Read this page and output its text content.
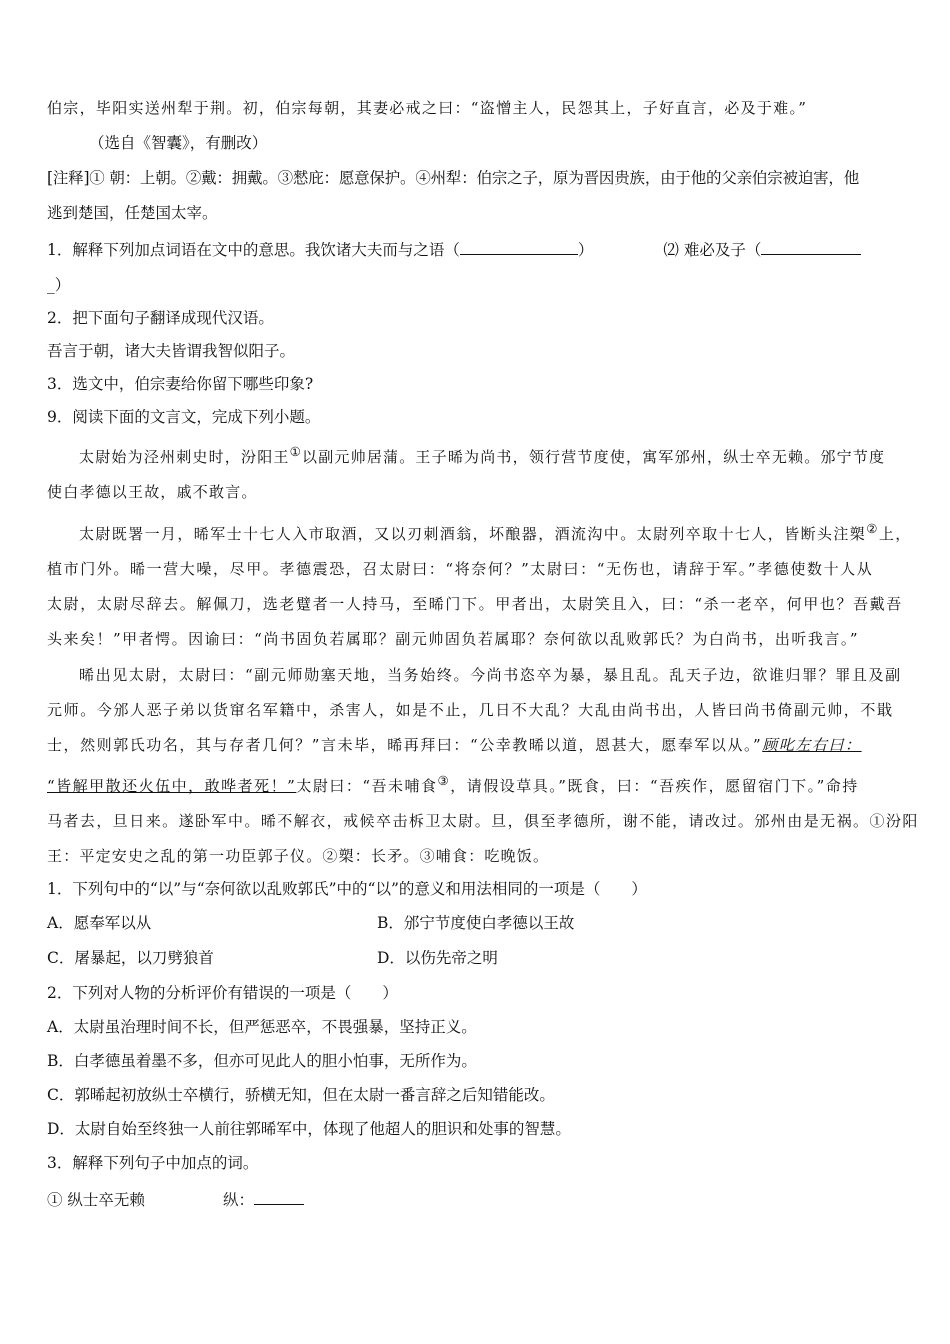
伯宗，毕阳实送州犁于荆。初，伯宗每朝，其妻必戒之曰：“盗憎主人，民怨其上，子好直言，必及于难。”

（选自《智囊》，有删改）

[注释]① 朝：上朝。②戴：拥戴。③憖庇：愿意保护。④州犁：伯宗之子，原为晋因贵族，由于他的父亲伯宗被迫害，他

逃到楚国，任楚国太宰。

1．解释下列加点词语在文中的意思。我饮诸大夫而与之语（	）	⑵ 难必及子（

_）

2．把下面句子翻译成现代汉语。

吾言于朝，诸大夫皆谓我智似阳子。

3．选文中，伯宗妻给你留下哪些印象?

9．阅读下面的文言文，完成下列小题。

太尉始为泾州刺史时，汾阳王①以副元帅居蒲。王子晞为尚书，领行营节度使，寓军邠州，纵士卒无赖。邠宁节度

使白孝德以王故，戚不敢言。

太尉既署一月，晞军士十七人入市取酒，又以刃刺酒翁，坏酿器，酒流沟中。太尉列卒取十七人，皆断头注槊②上，

植市门外。晞一营大噪，尽甲。孝德震恐，召太尉曰：“将奈何？”太尉曰：“无伤也，请辞于军。”孝德使数十人从

太尉，太尉尽辞去。解佩刀，选老躄者一人持马，至晞门下。甲者出，太尉笑且入，曰：“杀一老卒，何甲也？吾戴吾

头来矣！”甲者愕。因谕曰：“尚书固负若属耶？副元帅固负若属耶？奈何欲以乱败郭氏？为白尚书，出听我言。”

晞出见太尉，太尉曰：“副元师勋塞天地，当务始终。今尚书恣卒为暴，暴且乱。乱天子边，欲谁归罪？罪且及副

元师。今邠人恶子弟以货窜名军籍中，杀害人，如是不止，几日不大乱？大乱由尚书出，人皆曰尚书倚副元帅，不戢

士，然则郭氏功名，其与存者几何？”言未毕，晞再拜曰：“公幸教晞以道，恩甚大，愿奉军以从。”顾叱左右曰：

“皆解甲散还火伍中，敢哗者死！”太尉曰：“吾未哺食③，请假设草具。”既食，曰：“吾疾作，愿留宿门下。”命持

马者去，旦日来。遂卧军中。晞不解衣，戒候卒击柝卫太尉。旦，俱至孝德所，谢不能，请改过。邠州由是无祸。①汾阳

王：平定安史之乱的第一功臣郭子仪。②槊：长矛。③哺食：吃晚饭。

1．下列句中的“以”与“奈何欲以乱败郭氏”中的“以”的意义和用法相同的一项是（　　）

A．愿奉军以从	B．邠宁节度使白孝德以王故
C．屠暴起，以刀劈狼首	D．以伤先帝之明

2．下列对人物的分析评价有错误的一项是（　　）

A．太尉虽治理时间不长，但严惩恶卒，不畏强暴，坚持正义。

B．白孝德虽着墨不多，但亦可见此人的胆小怕事，无所作为。

C．郭晞起初放纵士卒横行，骄横无知，但在太尉一番言辞之后知错能改。

D．太尉自始至终独一人前往郭晞军中，体现了他超人的胆识和处事的智慧。

3．解释下列句子中加点的词。

① 纵士卒无赖	纵：
